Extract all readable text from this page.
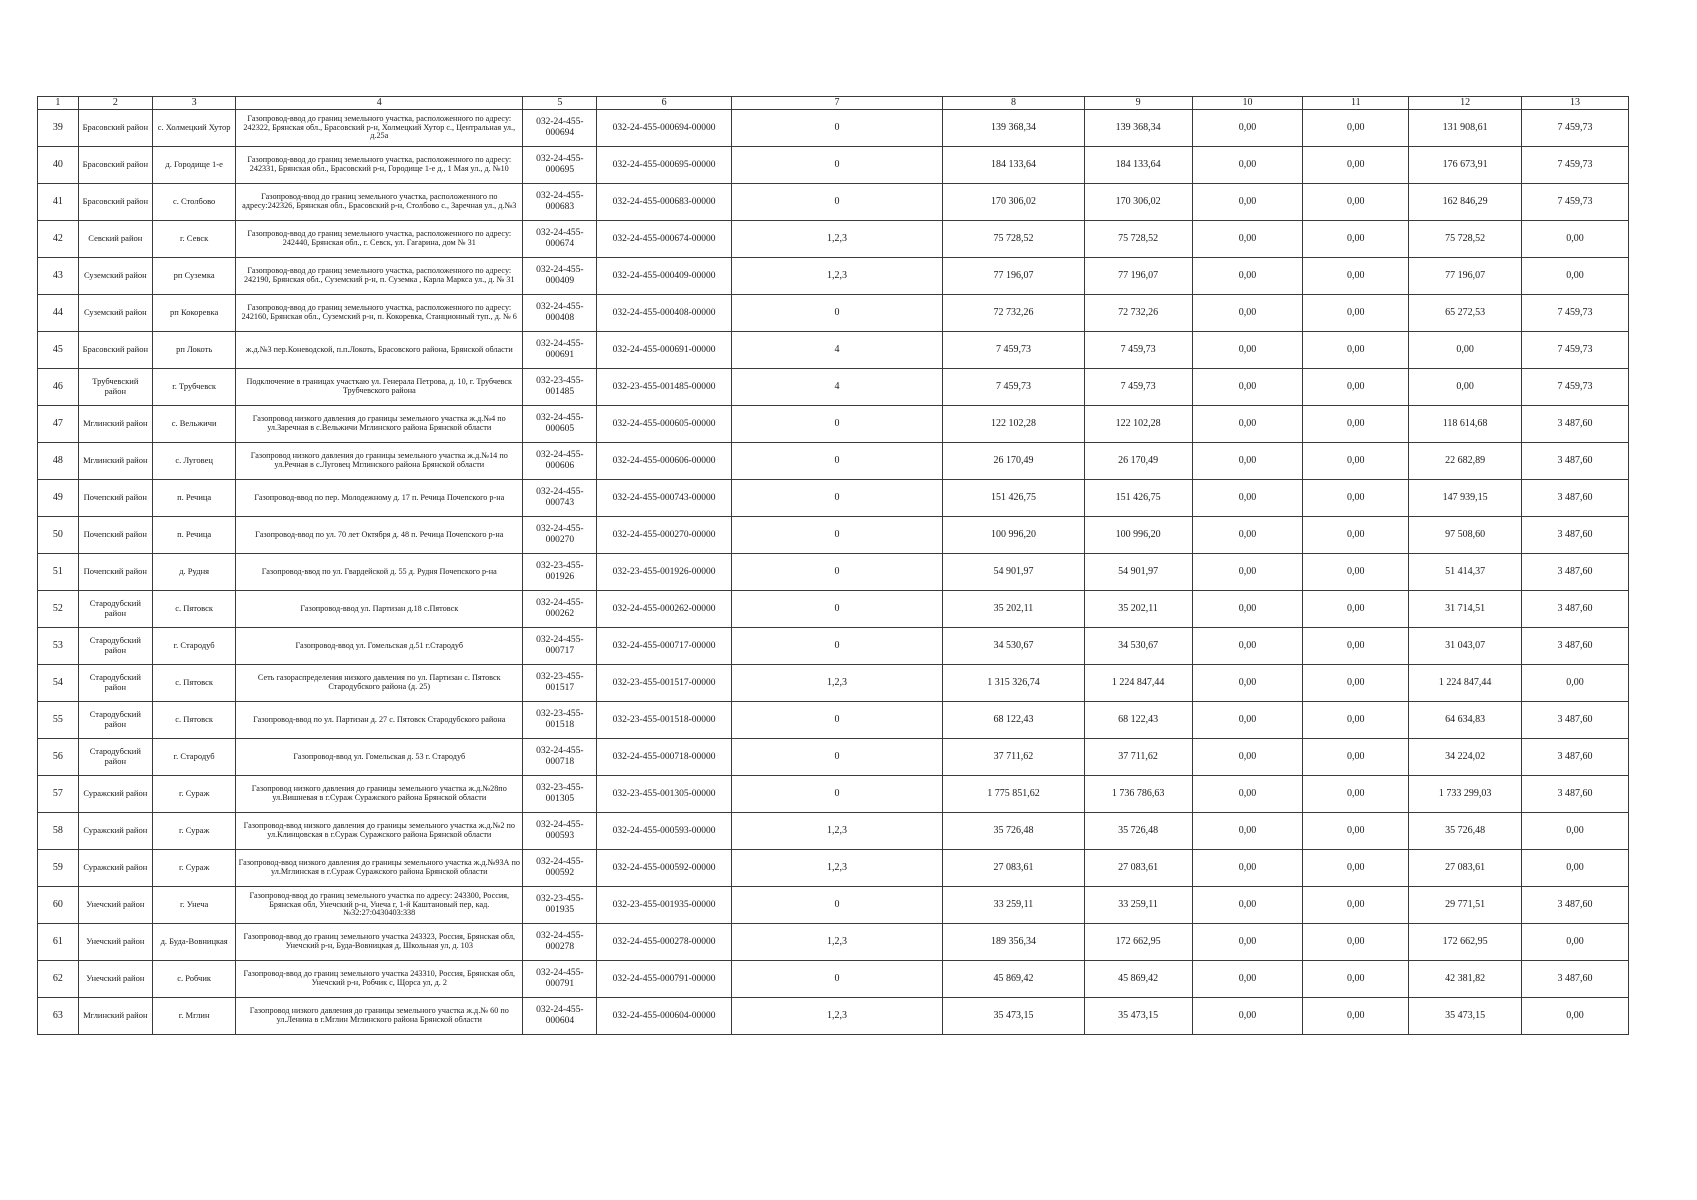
1	2	3	4	5	6	7	8	9	10	11	12	13
39	Брасовский район	с. Холмецкий Хутор	Газопровод-ввод до границ земельного участка, расположенного по адресу: 242322, Брянская обл., Брасовский р-н, Холмецкий Хутор с., Центральная ул., д.25а	032-24-455-000694	032-24-455-000694-00000	0	139 368,34	139 368,34	0,00	0,00	131 908,61	7 459,73
40	Брасовский район	д. Городище 1-е	Газопровод-ввод до границ земельного участка, расположенного по адресу: 242331, Брянская обл., Брасовский р-н, Городище 1-е д., 1 Мая ул., д. №10	032-24-455-000695	032-24-455-000695-00000	0	184 133,64	184 133,64	0,00	0,00	176 673,91	7 459,73
41	Брасовский район	с. Столбово	Газопровод-ввод до границ земельного участка, расположенного по адресу:242326, Брянская обл., Брасовский р-н, Столбово с., Заречная ул., д.№3	032-24-455-000683	032-24-455-000683-00000	0	170 306,02	170 306,02	0,00	0,00	162 846,29	7 459,73
42	Севский район	г. Севск	Газопровод-ввод до границ земельного участка, расположенного по адресу: 242440, Брянская обл., г. Севск, ул. Гагарина, дом № 31	032-24-455-000674	032-24-455-000674-00000	1,2,3	75 728,52	75 728,52	0,00	0,00	75 728,52	0,00
43	Суземский район	рп Суземка	Газопровод-ввод до границ земельного участка, расположенного по адресу: 242190, Брянская обл., Суземский р-н, п. Суземка , Карла Маркса ул., д. № 31	032-24-455-000409	032-24-455-000409-00000	1,2,3	77 196,07	77 196,07	0,00	0,00	77 196,07	0,00
44	Суземский район	рп Кокоревка	Газопровод-ввод до границ земельного участка, расположенного по адресу: 242160, Брянская обл., Суземский р-н, п. Кокоревка, Станционный туп., д. № 6	032-24-455-000408	032-24-455-000408-00000	0	72 732,26	72 732,26	0,00	0,00	65 272,53	7 459,73
45	Брасовский район	рп Локоть	ж.д.№3 пер.Коневодской, п.п.Локоть, Брасовского района, Брянской области	032-24-455-000691	032-24-455-000691-00000	4	7 459,73	7 459,73	0,00	0,00	0,00	7 459,73
46	Трубчевский район	г. Трубчевск	Подключение в границах участкаю ул. Генерала Петрова, д. 10, г. Трубчевск Трубчевского района	032-23-455-001485	032-23-455-001485-00000	4	7 459,73	7 459,73	0,00	0,00	0,00	7 459,73
47	Мглинский район	с. Вельжичи	Газопровод низкого давления до границы земельного участка ж.д.№4 по ул.Заречная в с.Вельжичи Мглинского района Брянской области	032-24-455-000605	032-24-455-000605-00000	0	122 102,28	122 102,28	0,00	0,00	118 614,68	3 487,60
48	Мглинский район	с. Луговец	Газопровод низкого давления до границы земельного участка ж.д.№14 по ул.Речная в с.Луговец Мглинского района Брянской области	032-24-455-000606	032-24-455-000606-00000	0	26 170,49	26 170,49	0,00	0,00	22 682,89	3 487,60
49	Почепский район	п. Речица	Газопровод-ввод по пер. Молодежному д. 17 п. Речица Почепского р-на	032-24-455-000743	032-24-455-000743-00000	0	151 426,75	151 426,75	0,00	0,00	147 939,15	3 487,60
50	Почепский район	п. Речица	Газопровод-ввод по ул. 70 лет Октября д. 48 п. Речица Почепского р-на	032-24-455-000270	032-24-455-000270-00000	0	100 996,20	100 996,20	0,00	0,00	97 508,60	3 487,60
51	Почепский район	д. Рудня	Газопровод-ввод по ул. Гвардейской д. 55 д. Рудня Почепского р-на	032-23-455-001926	032-23-455-001926-00000	0	54 901,97	54 901,97	0,00	0,00	51 414,37	3 487,60
52	Стародубский район	с. Пятовск	Газопровод-ввод ул. Партизан д.18 с.Пятовск	032-24-455-000262	032-24-455-000262-00000	0	35 202,11	35 202,11	0,00	0,00	31 714,51	3 487,60
53	Стародубский район	г. Стародуб	Газопровод-ввод ул. Гомельская д.51 г.Стародуб	032-24-455-000717	032-24-455-000717-00000	0	34 530,67	34 530,67	0,00	0,00	31 043,07	3 487,60
54	Стародубский район	с. Пятовск	Сеть газораспределения низкого давления по ул. Партизан с. Пятовск Стародубского района (д. 25)	032-23-455-001517	032-23-455-001517-00000	1,2,3	1 315 326,74	1 224 847,44	0,00	0,00	1 224 847,44	0,00
55	Стародубский район	с. Пятовск	Газопровод-ввод по ул. Партизан д. 27 с. Пятовск Стародубского района	032-23-455-001518	032-23-455-001518-00000	0	68 122,43	68 122,43	0,00	0,00	64 634,83	3 487,60
56	Стародубский район	г. Стародуб	Газопровод-ввод ул. Гомельская д. 53 г. Стародуб	032-24-455-000718	032-24-455-000718-00000	0	37 711,62	37 711,62	0,00	0,00	34 224,02	3 487,60
57	Суражский район	г. Сураж	Газопровод низкого давления до границы земельного участка ж.д.№28по ул.Вишневая в г.Сураж Суражского района Брянской области	032-23-455-001305	032-23-455-001305-00000	0	1 775 851,62	1 736 786,63	0,00	0,00	1 733 299,03	3 487,60
58	Суражский район	г. Сураж	Газопровод-ввод низкого давления до границы земельного участка ж.д.№2 по ул.Клинцовская в г.Сураж Суражского района Брянской области	032-24-455-000593	032-24-455-000593-00000	1,2,3	35 726,48	35 726,48	0,00	0,00	35 726,48	0,00
59	Суражский район	г. Сураж	Газопровод-ввод низкого давления до границы земельного участка ж.д.№93А по ул.Мглинская в г.Сураж Суражского района Брянской области	032-24-455-000592	032-24-455-000592-00000	1,2,3	27 083,61	27 083,61	0,00	0,00	27 083,61	0,00
60	Унечский район	г. Унеча	Газопровод-ввод до границ земельного участка по адресу: 243300, Россия, Брянская обл, Унечский р-н, Унеча г, 1-й Каштановый пер, кад. №32:27:0430403:338	032-23-455-001935	032-23-455-001935-00000	0	33 259,11	33 259,11	0,00	0,00	29 771,51	3 487,60
61	Унечский район	д. Буда-Вовницкая	Газопровод-ввод до границ земельного участка 243323, Россия, Брянская обл, Унечский р-н, Буда-Вовницкая д, Школьная ул, д. 103	032-24-455-000278	032-24-455-000278-00000	1,2,3	189 356,34	172 662,95	0,00	0,00	172 662,95	0,00
62	Унечский район	с. Робчик	Газопровод-ввод до границ земельного участка 243310, Россия, Брянская обл, Унечский р-н, Робчик с, Щорса ул, д. 2	032-24-455-000791	032-24-455-000791-00000	0	45 869,42	45 869,42	0,00	0,00	42 381,82	3 487,60
63	Мглинский район	г. Мглин	Газопровод низкого давления до границы земельного участка ж.д.№ 60 по ул.Ленина в г.Мглин Мглинского района Брянской области	032-24-455-000604	032-24-455-000604-00000	1,2,3	35 473,15	35 473,15	0,00	0,00	35 473,15	0,00
